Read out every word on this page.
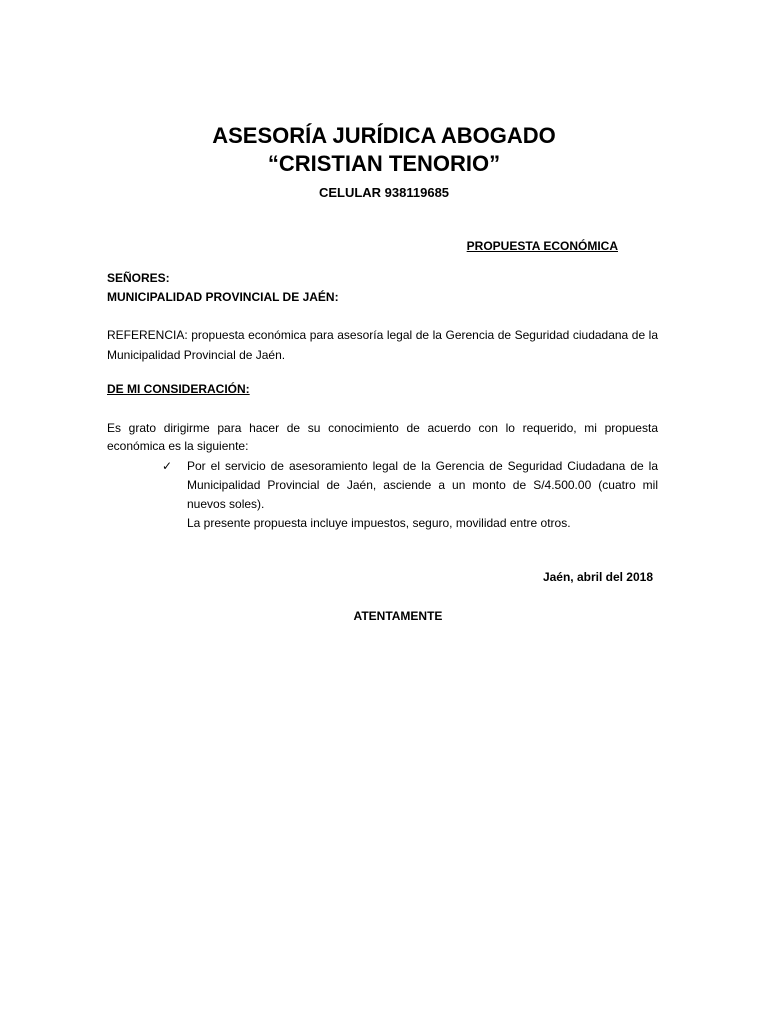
ASESORÍA JURÍDICA ABOGADO
“CRISTIAN TENORIO”
CELULAR 938119685
PROPUESTA ECONÓMICA
SEÑORES:
MUNICIPALIDAD PROVINCIAL DE JAÉN:
REFERENCIA: propuesta económica para asesoría legal de la Gerencia de Seguridad ciudadana de la Municipalidad Provincial de Jaén.
DE MI CONSIDERACIÓN:
Es grato dirigirme para hacer de su conocimiento de acuerdo con lo requerido, mi propuesta económica es la siguiente:
✓	Por el servicio de asesoramiento legal de la Gerencia de Seguridad Ciudadana de la Municipalidad Provincial de Jaén, asciende a un monto de S/4.500.00 (cuatro mil nuevos soles).
La presente propuesta incluye impuestos, seguro, movilidad entre otros.
Jaén, abril del 2018
ATENTAMENTE
